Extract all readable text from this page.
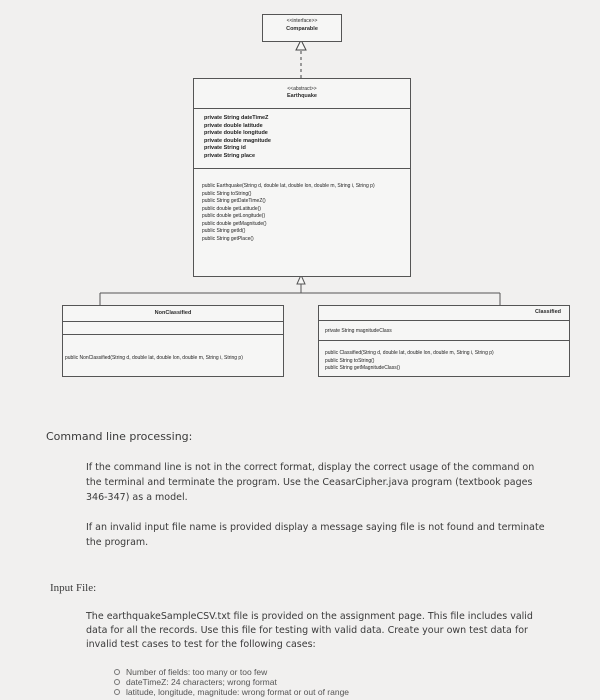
<<interface>>
Comparable
<<abstract>>
Earthquake
private String dateTimeZ
private double latitude
private double longitude
private double magnitude
private String id
private String place
public Earthquake(String d, double lat, double lon, double m, String i, String p)
public String toString()
public String getDateTimeZ()
public double getLatitude()
public double getLongitude()
public double getMagnitude()
public String getId()
public String getPlace()
NonClassified
public NonClassified(String d, double lat, double lon, double m, String i, String p)
Classified
private String magnitudeClass
public Classified(String d, double lat, double lon, double m, String i, String p)
public String toString()
public String getMagnitudeClass()
Command line processing:
If the command line is not in the correct format, display the correct usage of the command on the terminal and terminate the program. Use the CeasarCipher.java program (textbook pages 346-347) as a model.
If an invalid input file name is provided display a message saying file is not found and terminate the program.
Input File:
The earthquakeSampleCSV.txt file is provided on the assignment page. This file includes valid data for all the records. Use this file for testing with valid data. Create your own test data for invalid test cases to test for the following cases:
Number of fields: too many or too few
dateTimeZ: 24 characters; wrong format
latitude, longitude, magnitude: wrong format or out of range
